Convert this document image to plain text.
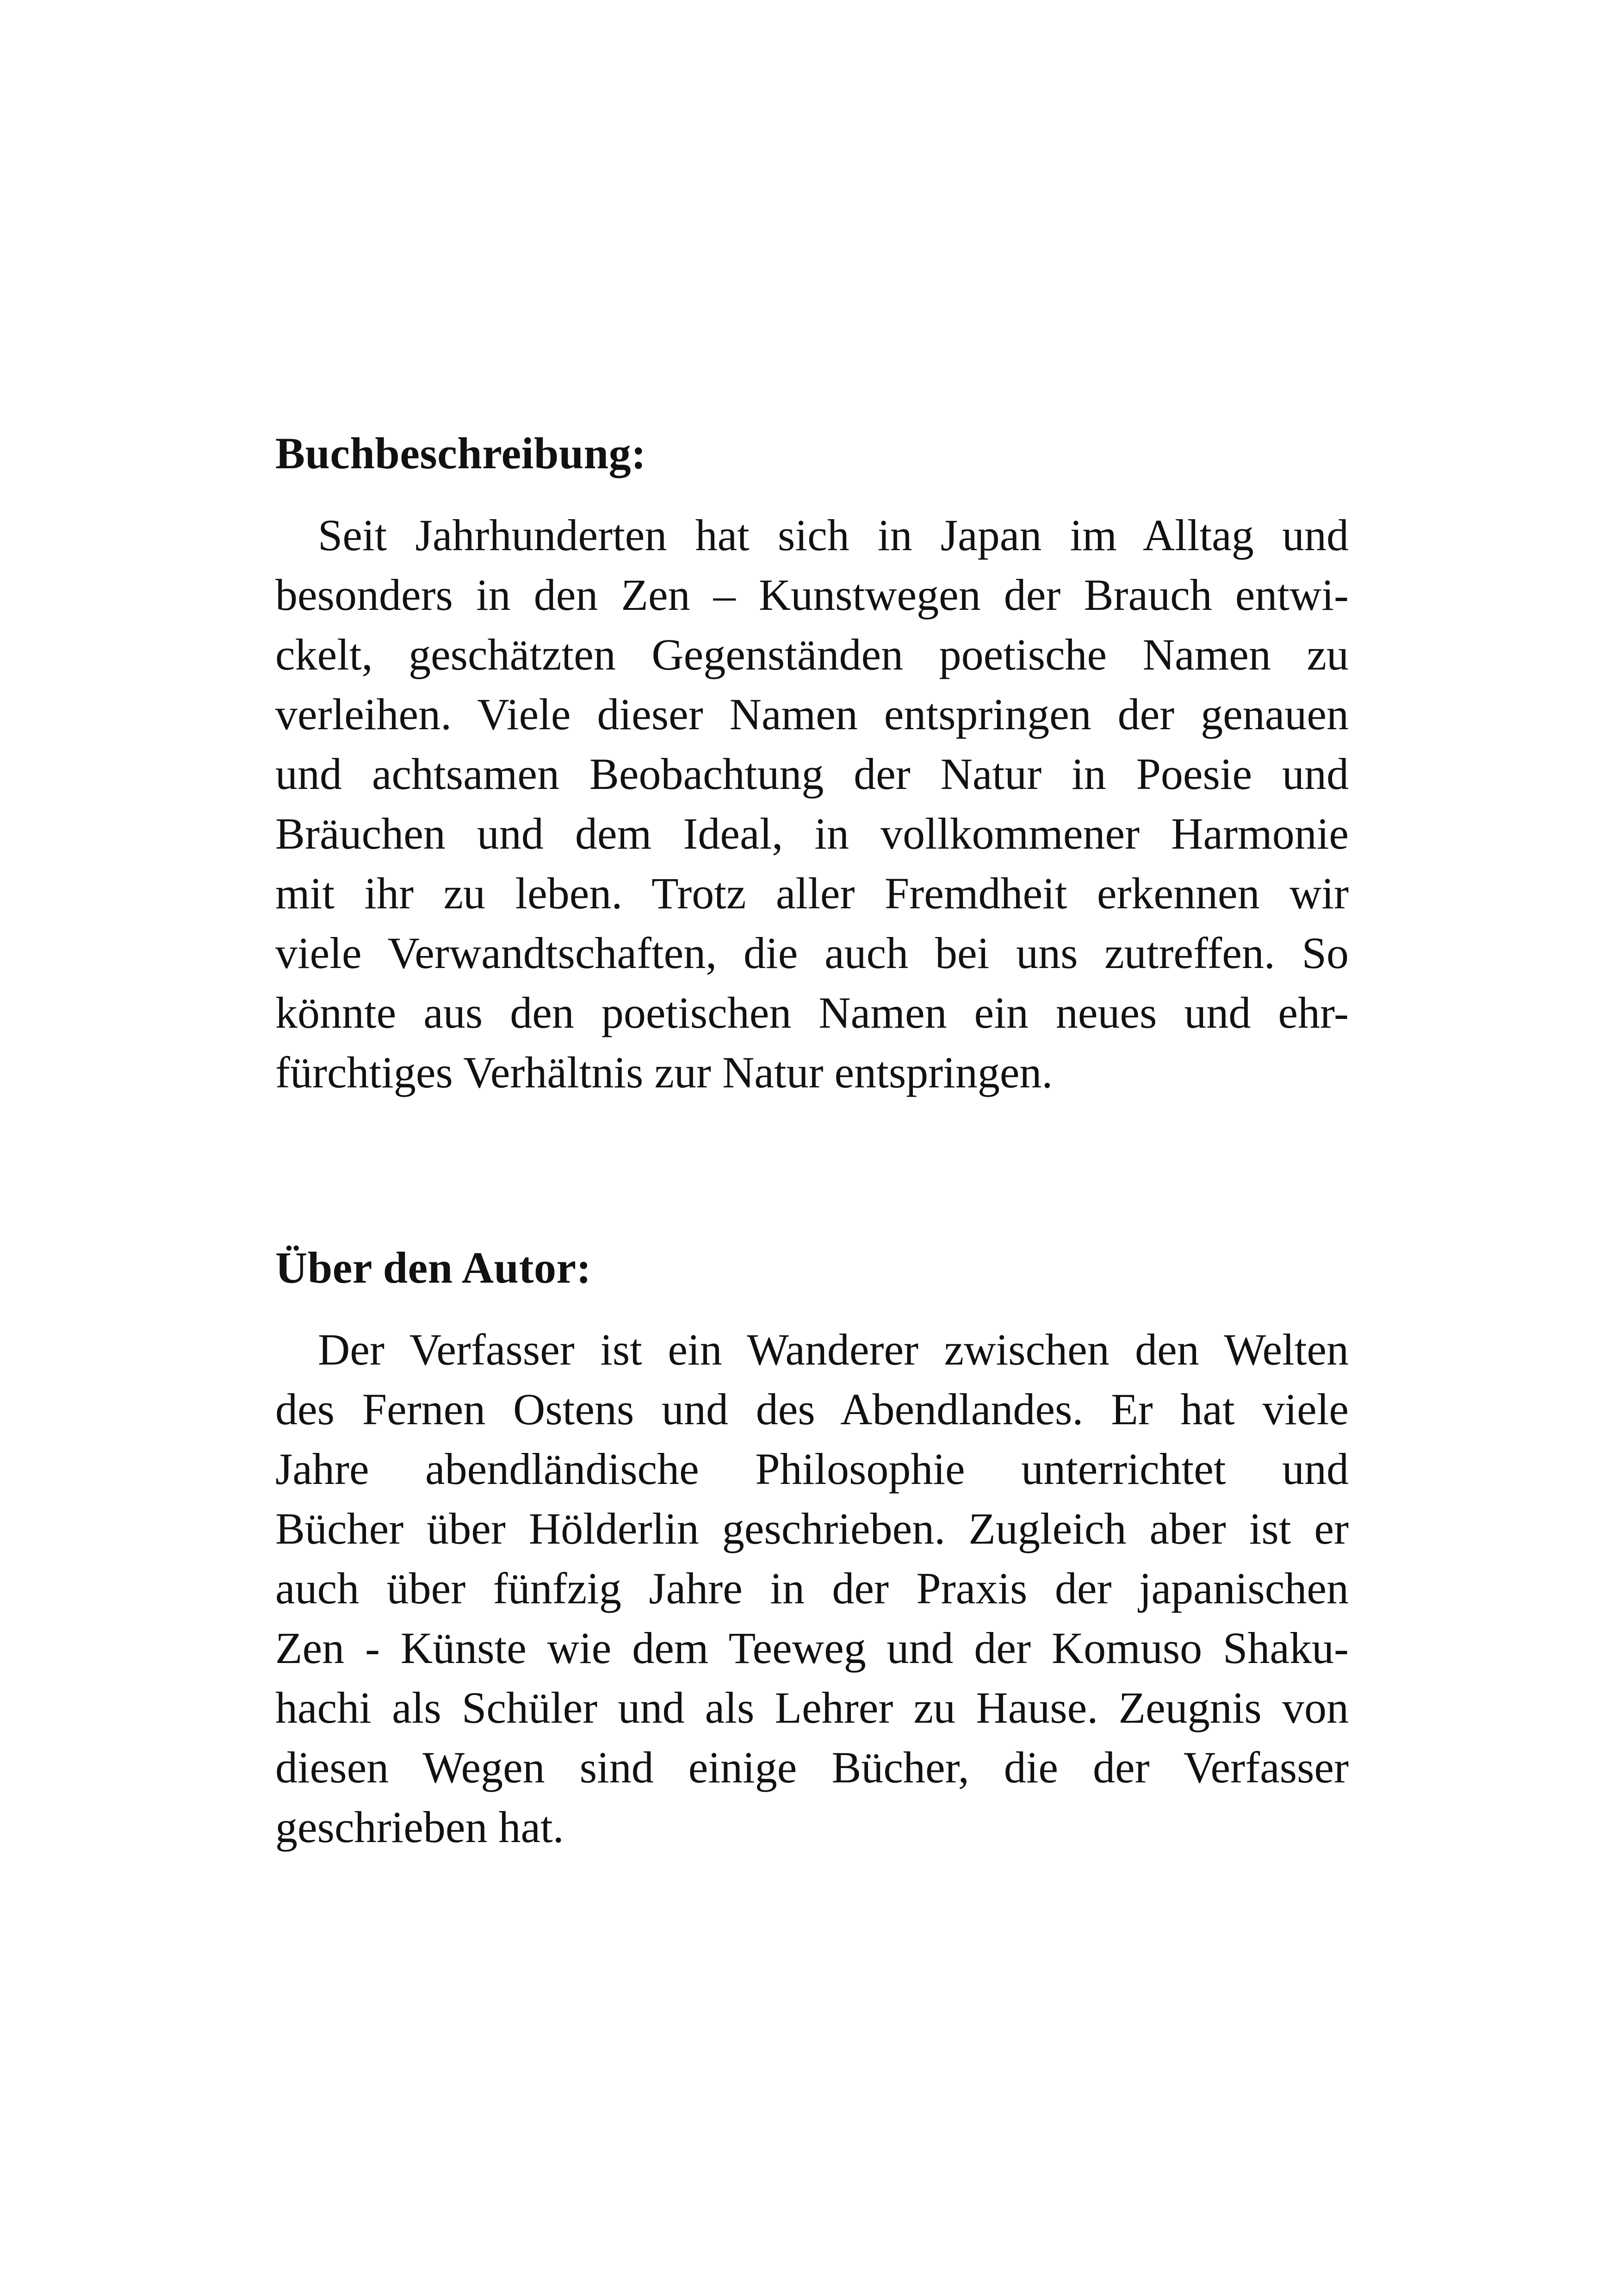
Buchbeschreibung:
Seit Jahrhunderten hat sich in Japan im Alltag und
besonders in den Zen – Kunstwegen der Brauch entwi-
ckelt, geschätzten Gegenständen poetische Namen zu
verleihen. Viele dieser Namen entspringen der genauen
und achtsamen Beobachtung der Natur in Poesie und
Bräuchen und dem Ideal, in vollkommener Harmonie
mit ihr zu leben. Trotz aller Fremdheit erkennen wir
viele Verwandtschaften, die auch bei uns zutreffen. So
könnte aus den poetischen Namen ein neues und ehr-
fürchtiges Verhältnis zur Natur entspringen.
Über den Autor:
Der Verfasser ist ein Wanderer zwischen den Welten
des Fernen Ostens und des Abendlandes. Er hat viele
Jahre abendländische Philosophie unterrichtet und
Bücher über Hölderlin geschrieben. Zugleich aber ist er
auch über fünfzig Jahre in der Praxis der japanischen
Zen - Künste wie dem Teeweg und der Komuso Shaku-
hachi als Schüler und als Lehrer zu Hause. Zeugnis von
diesen Wegen sind einige Bücher, die der Verfasser
geschrieben hat.
